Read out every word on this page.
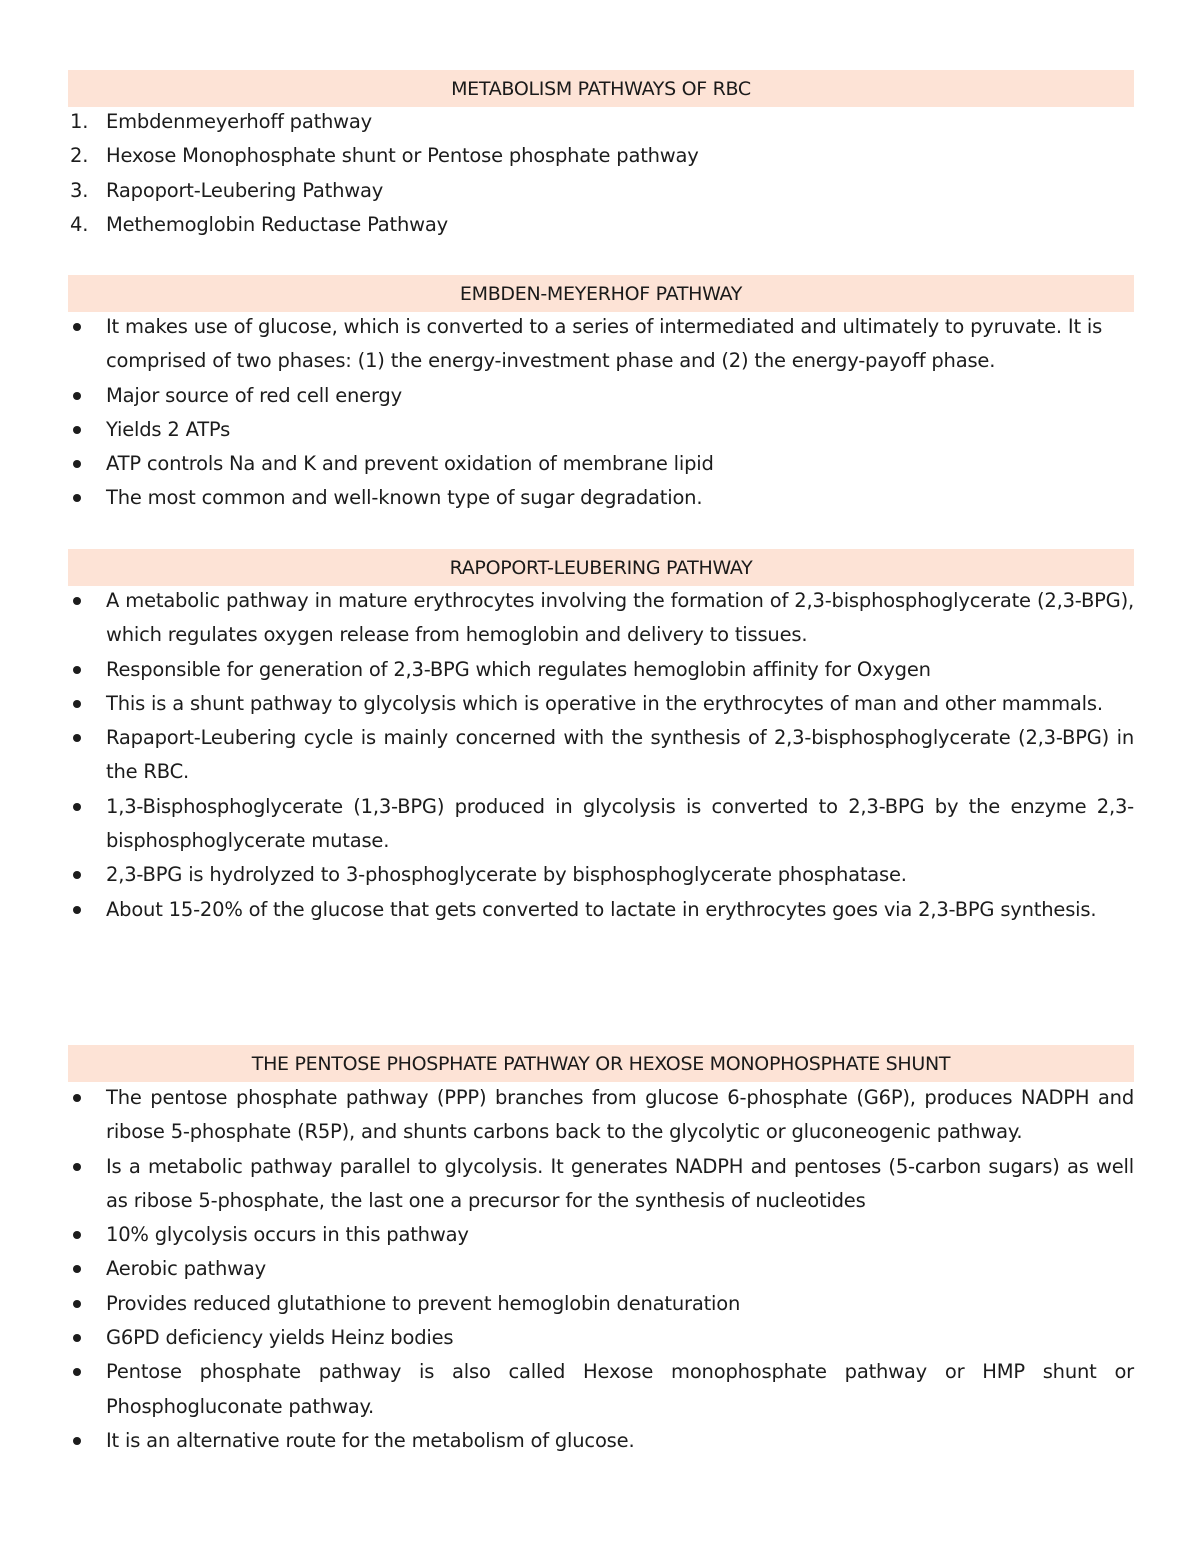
METABOLISM PATHWAYS OF RBC
1. Embdenmeyerhoff pathway
2. Hexose Monophosphate shunt or Pentose phosphate pathway
3. Rapoport-Leubering Pathway
4. Methemoglobin Reductase Pathway
EMBDEN-MEYERHOF PATHWAY
It makes use of glucose, which is converted to a series of intermediated and ultimately to pyruvate. It is comprised of two phases: (1) the energy-investment phase and (2) the energy-payoff phase.
Major source of red cell energy
Yields 2 ATPs
ATP controls Na and K and prevent oxidation of membrane lipid
The most common and well-known type of sugar degradation.
RAPOPORT-LEUBERING PATHWAY
A metabolic pathway in mature erythrocytes involving the formation of 2,3-bisphosphoglycerate (2,3-BPG), which regulates oxygen release from hemoglobin and delivery to tissues.
Responsible for generation of 2,3-BPG which regulates hemoglobin affinity for Oxygen
This is a shunt pathway to glycolysis which is operative in the erythrocytes of man and other mammals.
Rapaport-Leubering cycle is mainly concerned with the synthesis of 2,3-bisphosphoglycerate (2,3-BPG) in the RBC.
1,3-Bisphosphoglycerate (1,3-BPG) produced in glycolysis is converted to 2,3-BPG by the enzyme 2,3-bisphosphoglycerate mutase.
2,3-BPG is hydrolyzed to 3-phosphoglycerate by bisphosphoglycerate phosphatase.
About 15-20% of the glucose that gets converted to lactate in erythrocytes goes via 2,3-BPG synthesis.
THE PENTOSE PHOSPHATE PATHWAY OR HEXOSE MONOPHOSPHATE SHUNT
The pentose phosphate pathway (PPP) branches from glucose 6-phosphate (G6P), produces NADPH and ribose 5-phosphate (R5P), and shunts carbons back to the glycolytic or gluconeogenic pathway.
Is a metabolic pathway parallel to glycolysis. It generates NADPH and pentoses (5-carbon sugars) as well as ribose 5-phosphate, the last one a precursor for the synthesis of nucleotides
10% glycolysis occurs in this pathway
Aerobic pathway
Provides reduced glutathione to prevent hemoglobin denaturation
G6PD deficiency yields Heinz bodies
Pentose phosphate pathway is also called Hexose monophosphate pathway or HMP shunt or Phosphogluconate pathway.
It is an alternative route for the metabolism of glucose.
